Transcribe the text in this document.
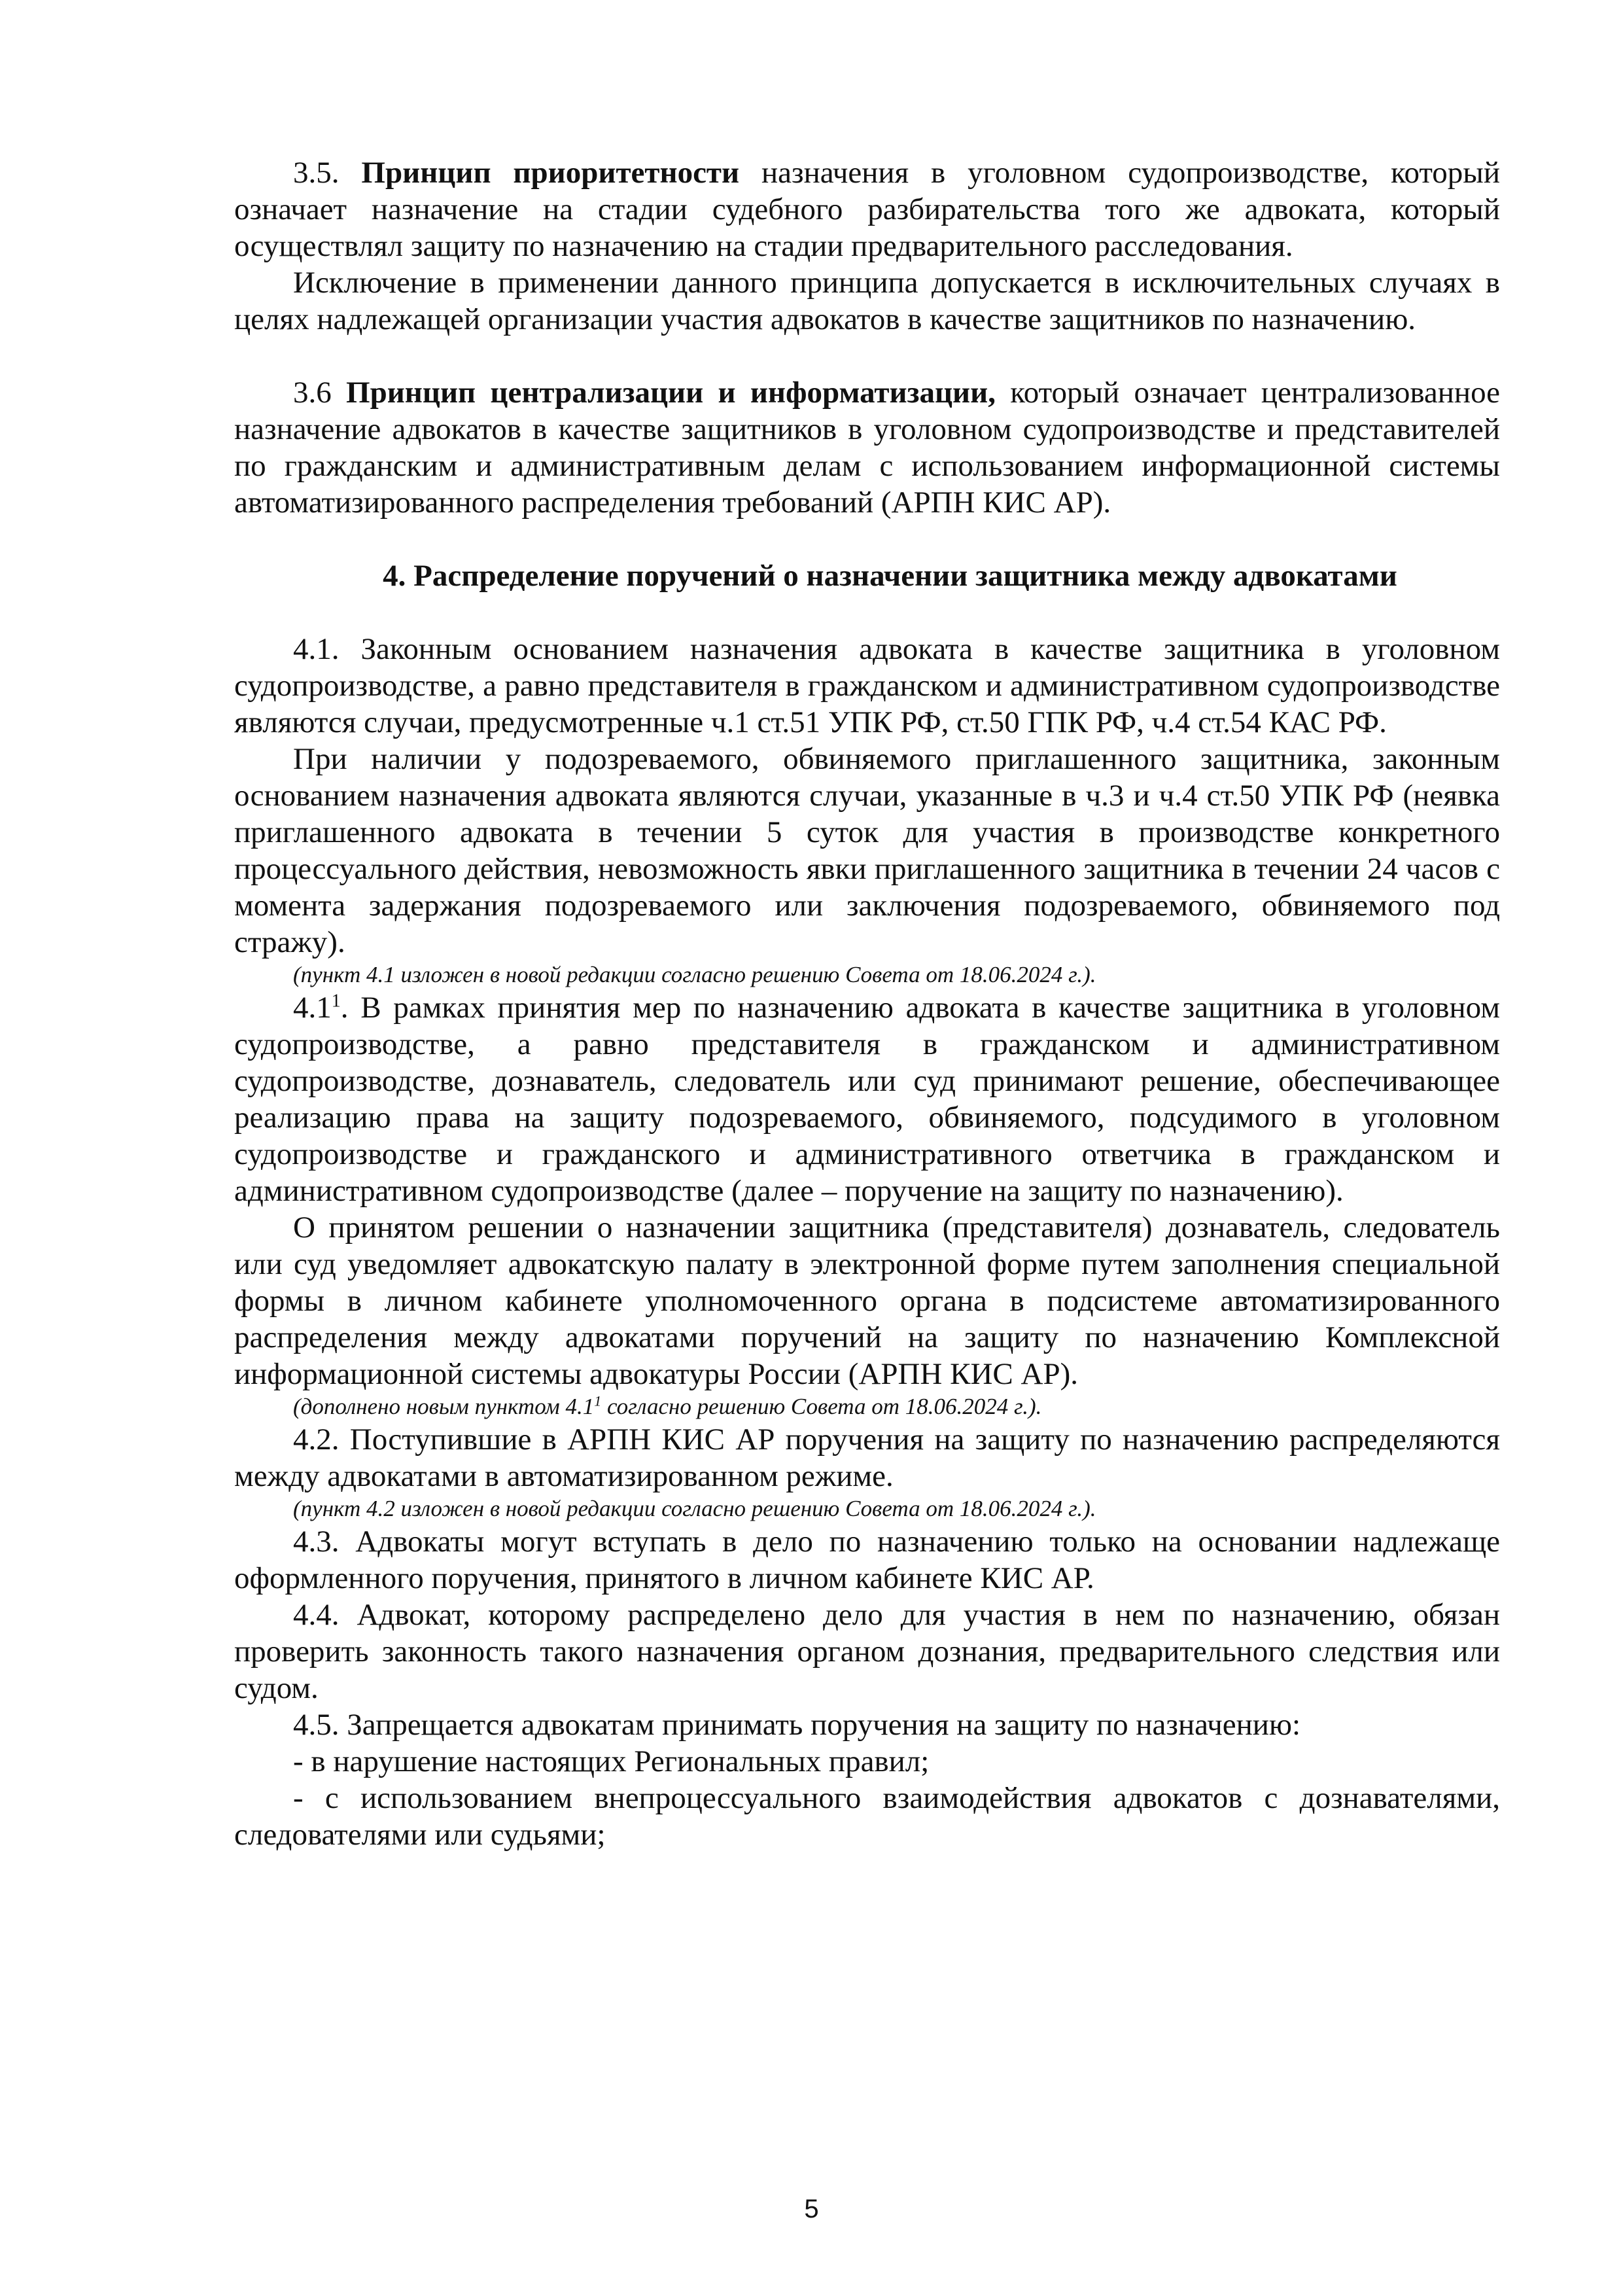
3.5. Принцип приоритетности назначения в уголовном судопроизводстве, который означает назначение на стадии судебного разбирательства того же адвоката, который осуществлял защиту по назначению на стадии предварительного расследования.

Исключение в применении данного принципа допускается в исключительных случаях в целях надлежащей организации участия адвокатов в качестве защитников по назначению.

3.6 Принцип централизации и информатизации, который означает централизованное назначение адвокатов в качестве защитников в уголовном судопроизводстве и представителей по гражданским и административным делам с использованием информационной системы автоматизированного распределения требований (АРПН КИС АР).

4. Распределение поручений о назначении защитника между адвокатами

4.1. Законным основанием назначения адвоката в качестве защитника в уголовном судопроизводстве, а равно представителя в гражданском и административном судопроизводстве являются случаи, предусмотренные ч.1 ст.51 УПК РФ, ст.50 ГПК РФ, ч.4 ст.54 КАС РФ.

При наличии у подозреваемого, обвиняемого приглашенного защитника, законным основанием назначения адвоката являются случаи, указанные в ч.3 и ч.4 ст.50 УПК РФ (неявка приглашенного адвоката в течении 5 суток для участия в производстве конкретного процессуального действия, невозможность явки приглашенного защитника в течении 24 часов с момента задержания подозреваемого или заключения подозреваемого, обвиняемого под стражу).

(пункт 4.1 изложен в новой редакции согласно решению Совета от 18.06.2024 г.).

$4.1^1$. В рамках принятия мер по назначению адвоката в качестве защитника в уголовном судопроизводстве, а равно представителя в гражданском и административном судопроизводстве, дознаватель, следователь или суд принимают решение, обеспечивающее реализацию права на защиту подозреваемого, обвиняемого, подсудимого в уголовном судопроизводстве и гражданского и административного ответчика в гражданском и административном судопроизводстве (далее – поручение на защиту по назначению).

О принятом решении о назначении защитника (представителя) дознаватель, следователь или суд уведомляет адвокатскую палату в электронной форме путем заполнения специальной формы в личном кабинете уполномоченного органа в подсистеме автоматизированного распределения между адвокатами поручений на защиту по назначению Комплексной информационной системы адвокатуры России (АРПН КИС АР).

(дополнено новым пунктом $4.1^1$ согласно решению Совета от 18.06.2024 г.).

4.2. Поступившие в АРПН КИС АР поручения на защиту по назначению распределяются между адвокатами в автоматизированном режиме.

(пункт 4.2 изложен в новой редакции согласно решению Совета от 18.06.2024 г.).

4.3. Адвокаты могут вступать в дело по назначению только на основании надлежаще оформленного поручения, принятого в личном кабинете КИС АР.

4.4. Адвокат, которому распределено дело для участия в нем по назначению, обязан проверить законность такого назначения органом дознания, предварительного следствия или судом.

4.5. Запрещается адвокатам принимать поручения на защиту по назначению:

- в нарушение настоящих Региональных правил;

- с использованием внепроцессуального взаимодействия адвокатов с дознавателями, следователями или судьями;

5
